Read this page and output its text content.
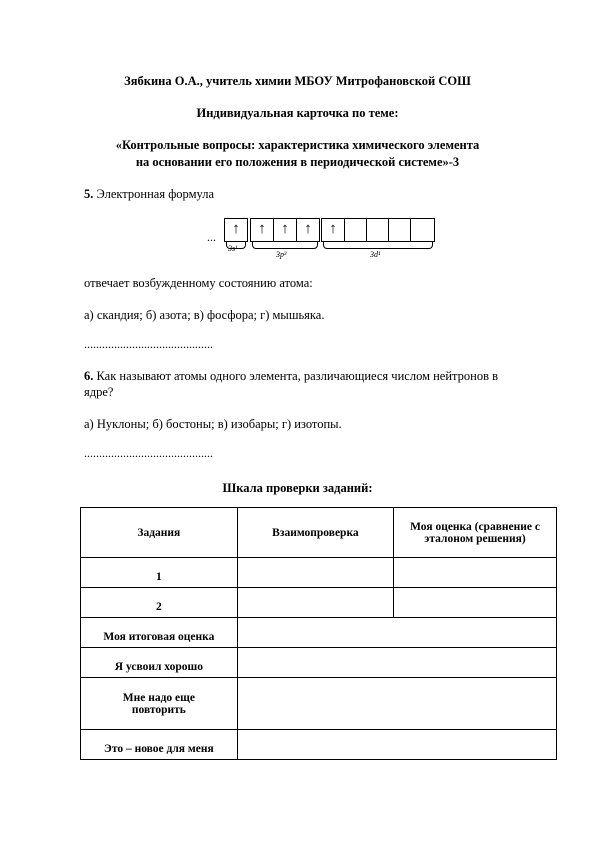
Зябкина О.А., учитель химии МБОУ Митрофановской СОШ
Индивидуальная карточка по теме:
«Контрольные вопросы: характеристика химического элемента
на основании его положения в периодической системе»-3
5. Электронная формула
...	↑	↑	↑	↑	↑
3s¹
3p³	3d¹
отвечает возбужденному состоянию атома:
а) скандия; б) азота; в) фосфора; г) мышьяка.
...........................................
6. Как называют атомы одного элемента, различающиеся числом нейтронов в
ядре?
а) Нуклоны; б) бостоны; в) изобары; г) изотопы.
...........................................
Шкала проверки заданий:
Задания	Взаимопроверка	Моя оценка (сравнение с эталоном решения)
1		
2		
Моя итоговая оценка		
Я усвоил хорошо		
Мне надо еще повторить		
Это – новое для меня		
